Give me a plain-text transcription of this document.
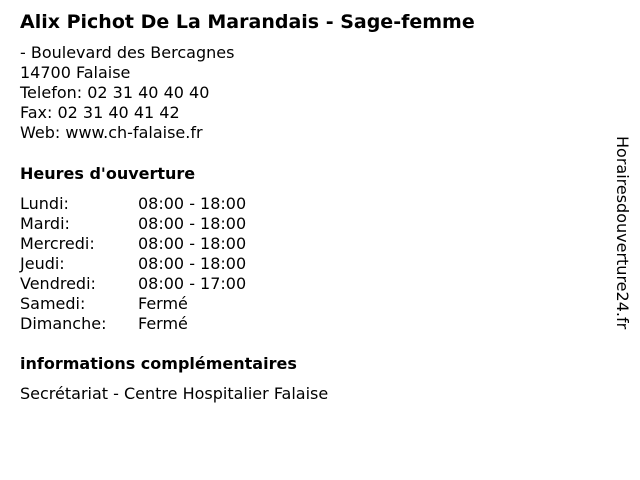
Alix Pichot De La Marandais - Sage-femme
- Boulevard des Bercagnes
14700 Falaise
Telefon: 02 31 40 40 40
Fax: 02 31 40 41 42
Web: www.ch-falaise.fr
Heures d'ouverture
Lundi:	08:00 - 18:00
Mardi:	08:00 - 18:00
Mercredi:	08:00 - 18:00
Jeudi:	08:00 - 18:00
Vendredi:	08:00 - 17:00
Samedi:	Fermé
Dimanche: Fermé
informations complémentaires
Secrétariat - Centre Hospitalier Falaise
Horairesdouverture24.fr
